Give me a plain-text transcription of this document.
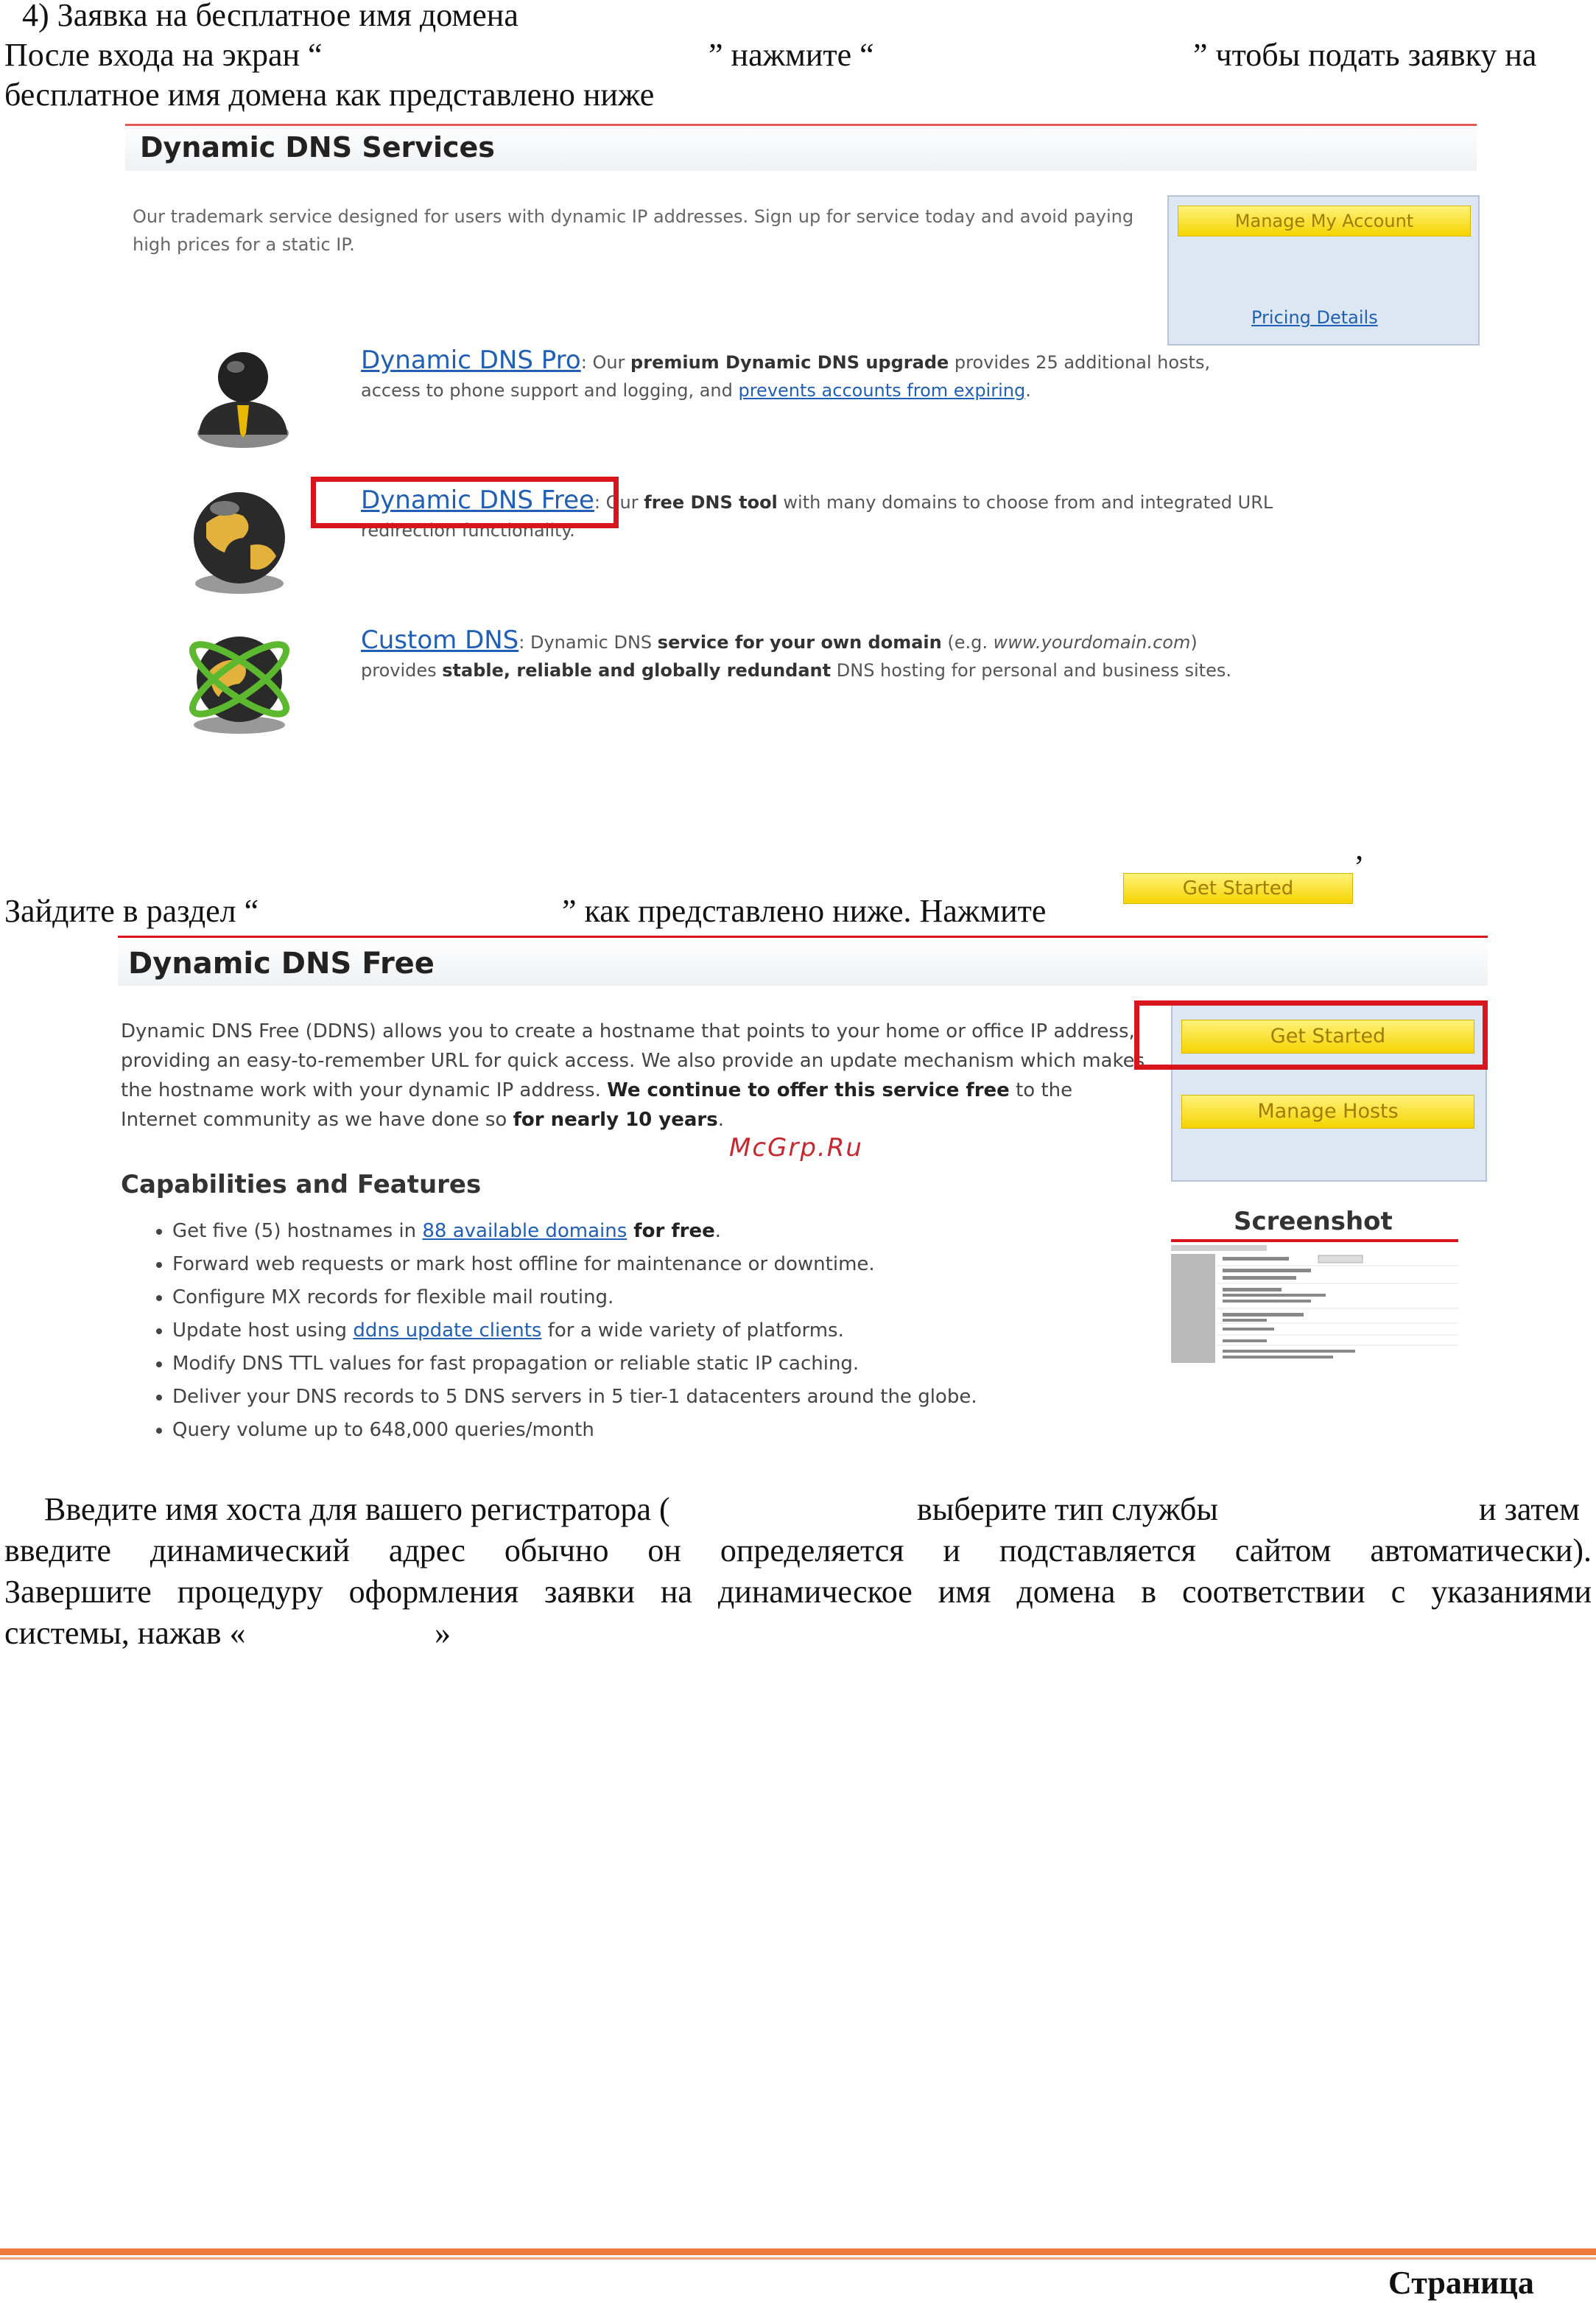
4) Заявка на бесплатное имя домена
После входа на экран “	” нажмите “	” чтобы подать заявку на
бесплатное имя домена как представлено ниже
Dynamic DNS Services
Our trademark service designed for users with dynamic IP addresses. Sign up for service today and avoid paying high prices for a static IP.
Manage My Account
Pricing Details
Dynamic DNS Pro: Our premium Dynamic DNS upgrade provides 25 additional hosts, access to phone support and logging, and prevents accounts from expiring.
Dynamic DNS Free: Our free DNS tool with many domains to choose from and integrated URL redirection functionality.
Custom DNS: Dynamic DNS service for your own domain (e.g. www.yourdomain.com) provides stable, reliable and globally redundant DNS hosting for personal and business sites.
Зайдите в раздел “	” как представлено ниже. Нажмите
Get Started
’
Dynamic DNS Free
Dynamic DNS Free (DDNS) allows you to create a hostname that points to your home or office IP address, providing an easy-to-remember URL for quick access. We also provide an update mechanism which makes the hostname work with your dynamic IP address. We continue to offer this service free to the Internet community as we have done so for nearly 10 years.
Get Started
Manage Hosts
McGrp.Ru
Capabilities and Features
• Get five (5) hostnames in 88 available domains for free.
• Forward web requests or mark host offline for maintenance or downtime.
• Configure MX records for flexible mail routing.
• Update host using ddns update clients for a wide variety of platforms.
• Modify DNS TTL values for fast propagation or reliable static IP caching.
• Deliver your DNS records to 5 DNS servers in 5 tier-1 datacenters around the globe.
• Query volume up to 648,000 queries/month
Screenshot
Введите имя хоста для вашего регистратора (	выберите тип службы	и затем
введите динамический адрес обычно он определяется и подставляется сайтом автоматически).
Завершите процедуру оформления заявки на динамическое имя домена в соответствии с указаниями
системы, нажав «	»
Страница
